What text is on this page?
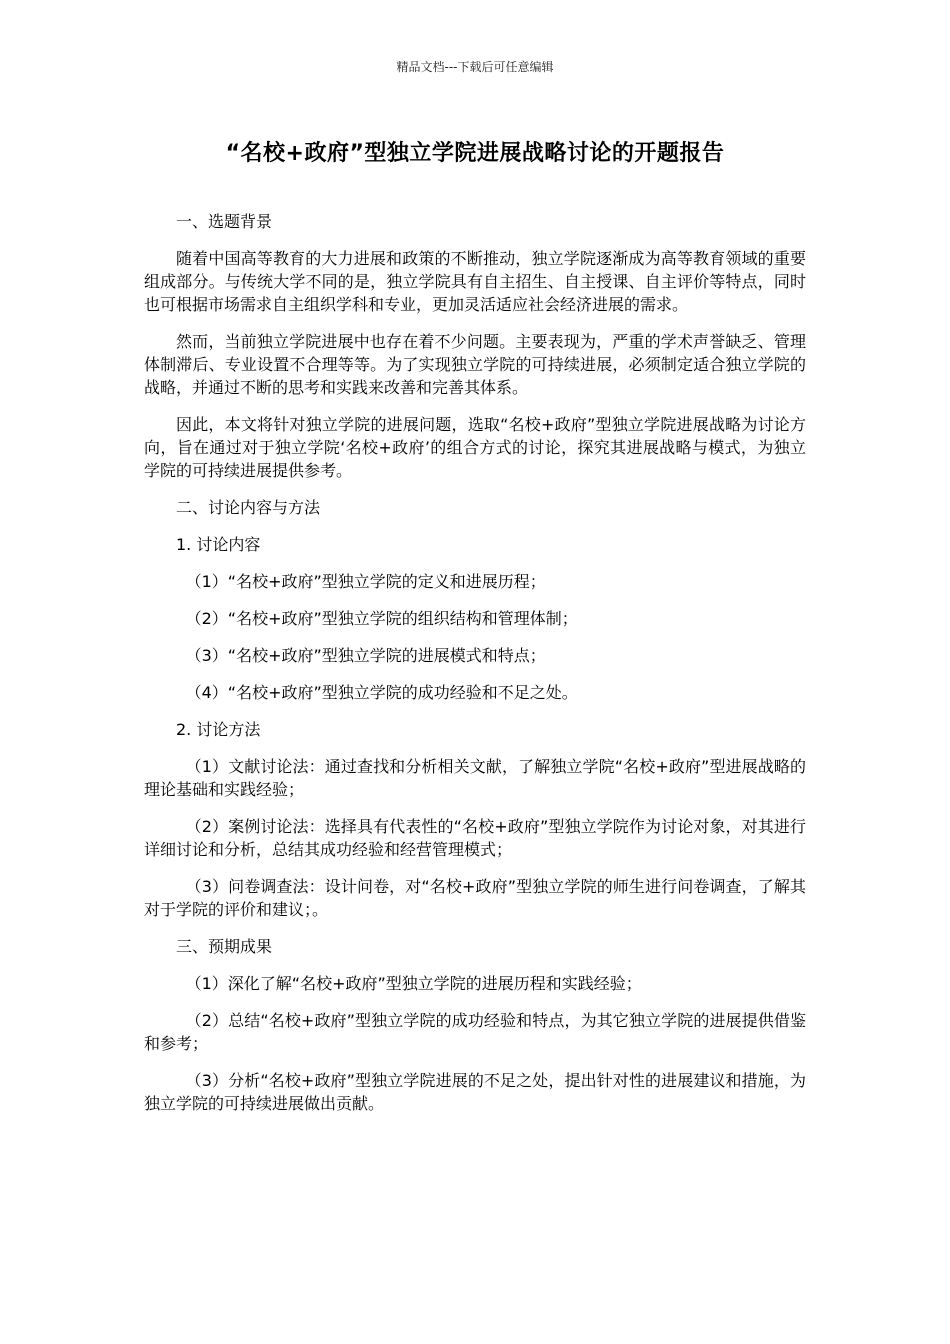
精品文档---下载后可任意编辑
“名校+政府”型独立学院进展战略讨论的开题报告

一、选题背景

随着中国高等教育的大力进展和政策的不断推动，独立学院逐渐成为高等教育领域的重要组成部分。与传统大学不同的是，独立学院具有自主招生、自主授课、自主评价等特点，同时也可根据市场需求自主组织学科和专业，更加灵活适应社会经济进展的需求。

然而，当前独立学院进展中也存在着不少问题。主要表现为，严重的学术声誉缺乏、管理体制滞后、专业设置不合理等等。为了实现独立学院的可持续进展，必须制定适合独立学院的战略，并通过不断的思考和实践来改善和完善其体系。

因此，本文将针对独立学院的进展问题，选取“名校+政府”型独立学院进展战略为讨论方向，旨在通过对于独立学院‘名校+政府’的组合方式的讨论，探究其进展战略与模式，为独立学院的可持续进展提供参考。

二、讨论内容与方法

1. 讨论内容

（1）“名校+政府”型独立学院的定义和进展历程；

（2）“名校+政府”型独立学院的组织结构和管理体制；

（3）“名校+政府”型独立学院的进展模式和特点；

（4）“名校+政府”型独立学院的成功经验和不足之处。

2. 讨论方法

（1）文献讨论法：通过查找和分析相关文献，了解独立学院“名校+政府”型进展战略的理论基础和实践经验；

（2）案例讨论法：选择具有代表性的“名校+政府”型独立学院作为讨论对象，对其进行详细讨论和分析，总结其成功经验和经营管理模式；

（3）问卷调查法：设计问卷，对“名校+政府”型独立学院的师生进行问卷调查，了解其对于学院的评价和建议；。

三、预期成果

（1）深化了解“名校+政府”型独立学院的进展历程和实践经验；

（2）总结“名校+政府”型独立学院的成功经验和特点，为其它独立学院的进展提供借鉴和参考；

（3）分析“名校+政府”型独立学院进展的不足之处，提出针对性的进展建议和措施，为独立学院的可持续进展做出贡献。
